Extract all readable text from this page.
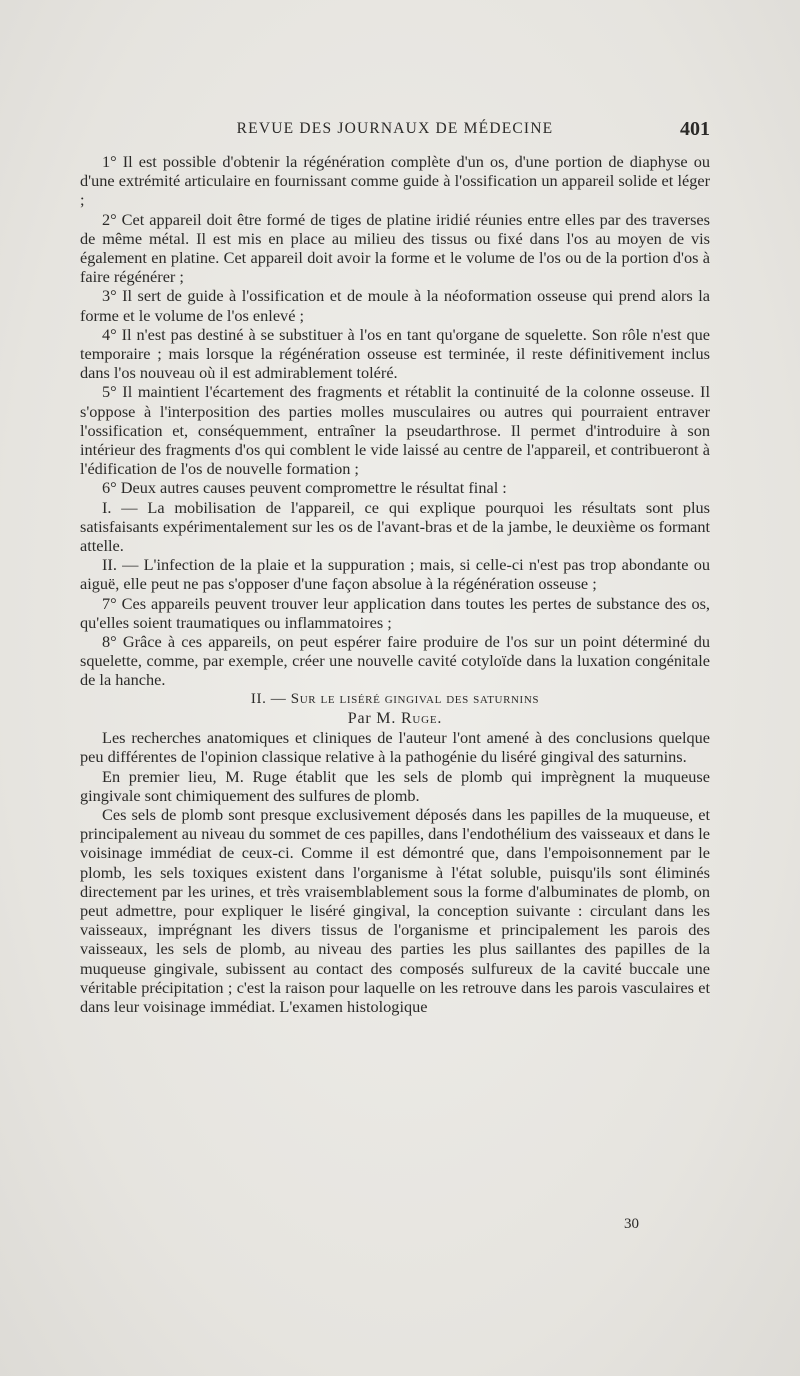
REVUE DES JOURNAUX DE MÉDECINE	401

1° Il est possible d'obtenir la régénération complète d'un os, d'une portion de diaphyse ou d'une extrémité articulaire en fournissant comme guide à l'ossification un appareil solide et léger ;

2° Cet appareil doit être formé de tiges de platine iridié réunies entre elles par des traverses de même métal. Il est mis en place au milieu des tissus ou fixé dans l'os au moyen de vis également en platine. Cet appareil doit avoir la forme et le volume de l'os ou de la portion d'os à faire régénérer ;

3° Il sert de guide à l'ossification et de moule à la néoformation osseuse qui prend alors la forme et le volume de l'os enlevé ;

4° Il n'est pas destiné à se substituer à l'os en tant qu'organe de squelette. Son rôle n'est que temporaire ; mais lorsque la régénération osseuse est terminée, il reste définitivement inclus dans l'os nouveau où il est admirablement toléré.

5° Il maintient l'écartement des fragments et rétablit la continuité de la colonne osseuse. Il s'oppose à l'interposition des parties molles musculaires ou autres qui pourraient entraver l'ossification et, conséquemment, entraîner la pseudarthrose. Il permet d'introduire à son intérieur des fragments d'os qui comblent le vide laissé au centre de l'appareil, et contribueront à l'édification de l'os de nouvelle formation ;

6° Deux autres causes peuvent compromettre le résultat final :

I. — La mobilisation de l'appareil, ce qui explique pourquoi les résultats sont plus satisfaisants expérimentalement sur les os de l'avant-bras et de la jambe, le deuxième os formant attelle.

II. — L'infection de la plaie et la suppuration ; mais, si celle-ci n'est pas trop abondante ou aiguë, elle peut ne pas s'opposer d'une façon absolue à la régénération osseuse ;

7° Ces appareils peuvent trouver leur application dans toutes les pertes de substance des os, qu'elles soient traumatiques ou inflammatoires ;

8° Grâce à ces appareils, on peut espérer faire produire de l'os sur un point déterminé du squelette, comme, par exemple, créer une nouvelle cavité cotyloïde dans la luxation congénitale de la hanche.

II. — Sur le liséré gingival des saturnins

Par M. Ruge.

Les recherches anatomiques et cliniques de l'auteur l'ont amené à des conclusions quelque peu différentes de l'opinion classique relative à la pathogénie du liséré gingival des saturnins.

En premier lieu, M. Ruge établit que les sels de plomb qui imprègnent la muqueuse gingivale sont chimiquement des sulfures de plomb.

Ces sels de plomb sont presque exclusivement déposés dans les papilles de la muqueuse, et principalement au niveau du sommet de ces papilles, dans l'endothélium des vaisseaux et dans le voisinage immédiat de ceux-ci. Comme il est démontré que, dans l'empoisonnement par le plomb, les sels toxiques existent dans l'organisme à l'état soluble, puisqu'ils sont éliminés directement par les urines, et très vraisemblablement sous la forme d'albuminates de plomb, on peut admettre, pour expliquer le liséré gingival, la conception suivante : circulant dans les vaisseaux, imprégnant les divers tissus de l'organisme et principalement les parois des vaisseaux, les sels de plomb, au niveau des parties les plus saillantes des papilles de la muqueuse gingivale, subissent au contact des composés sulfureux de la cavité buccale une véritable précipitation ; c'est la raison pour laquelle on les retrouve dans les parois vasculaires et dans leur voisinage immédiat. L'examen histologique

30
